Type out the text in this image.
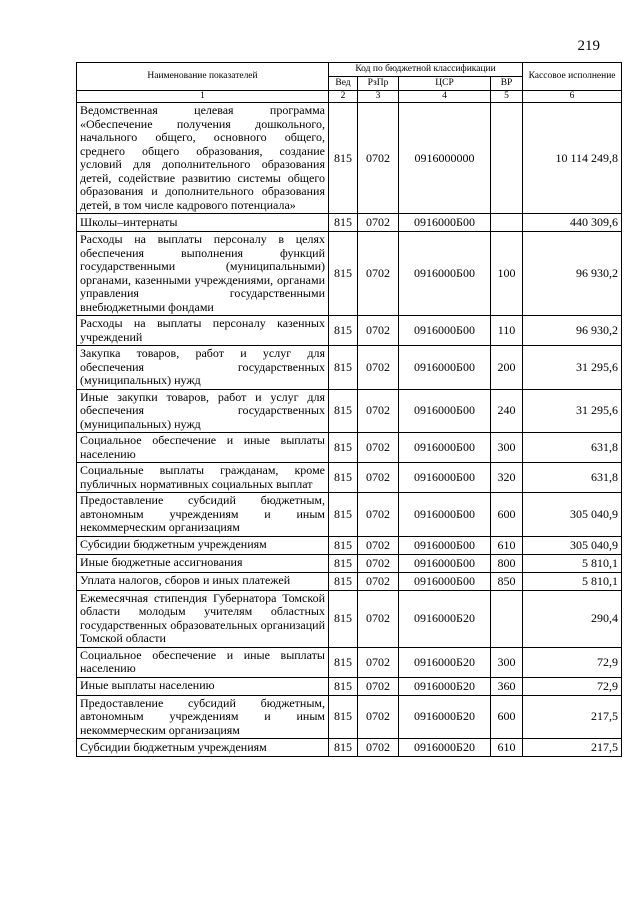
219
Наименование показателей	Код по бюджетной классификации				Кассовое исполнение
	Вед	РзПр	ЦСР	ВР	
1	2	3	4	5	6
Ведомственная целевая программа «Обеспечение получения дошкольного, начального общего, основного общего, среднего общего образования, создание условий для дополнительного образования детей, содействие развитию системы общего образования и дополнительного образования детей, в том числе кадрового потенциала»	815	0702	0916000000		10 114 249,8
Школы–интернаты	815	0702	0916000Б00		440 309,6
Расходы на выплаты персоналу в целях обеспечения выполнения функций государственными (муниципальными) органами, казенными учреждениями, органами управления государственными внебюджетными фондами	815	0702	0916000Б00	100	96 930,2
Расходы на выплаты персоналу казенных учреждений	815	0702	0916000Б00	110	96 930,2
Закупка товаров, работ и услуг для обеспечения государственных (муниципальных) нужд	815	0702	0916000Б00	200	31 295,6
Иные закупки товаров, работ и услуг для обеспечения государственных (муниципальных) нужд	815	0702	0916000Б00	240	31 295,6
Социальное обеспечение и иные выплаты населению	815	0702	0916000Б00	300	631,8
Социальные выплаты гражданам, кроме публичных нормативных социальных выплат	815	0702	0916000Б00	320	631,8
Предоставление субсидий бюджетным, автономным учреждениям и иным некоммерческим организациям	815	0702	0916000Б00	600	305 040,9
Субсидии бюджетным учреждениям	815	0702	0916000Б00	610	305 040,9
Иные бюджетные ассигнования	815	0702	0916000Б00	800	5 810,1
Уплата налогов, сборов и иных платежей	815	0702	0916000Б00	850	5 810,1
Ежемесячная стипендия Губернатора Томской области молодым учителям областных государственных образовательных организаций Томской области	815	0702	0916000Б20		290,4
Социальное обеспечение и иные выплаты населению	815	0702	0916000Б20	300	72,9
Иные выплаты населению	815	0702	0916000Б20	360	72,9
Предоставление субсидий бюджетным, автономным учреждениям и иным некоммерческим организациям	815	0702	0916000Б20	600	217,5
Субсидии бюджетным учреждениям	815	0702	0916000Б20	610	217,5
